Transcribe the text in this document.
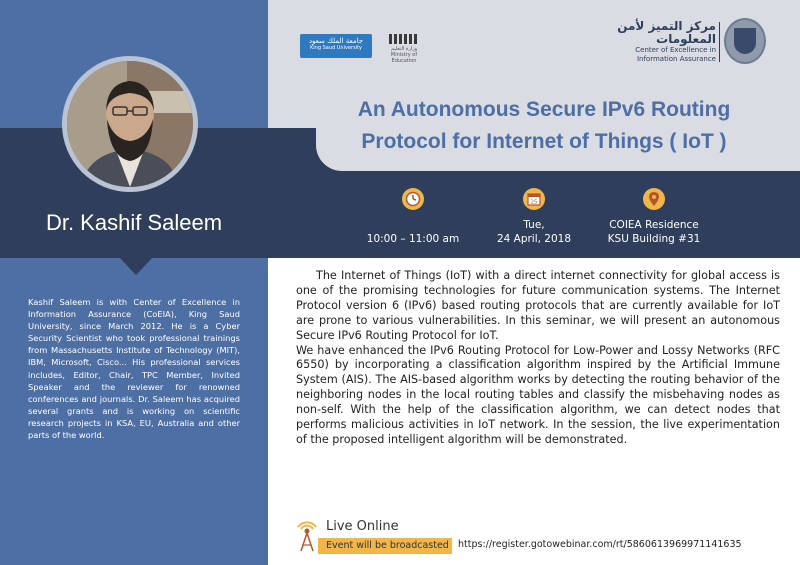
Dr. Kashif Saleem
Kashif Saleem is with Center of Excellence in Information Assurance (CoEIA), King Saud University, since March 2012. He is a Cyber Security Scientist who took professional trainings from Massachusetts Institute of Technology (MIT), IBM, Microsoft, Cisco... His professional services includes, Editor, Chair, TPC Member, Invited Speaker and the reviewer for renowned conferences and journals. Dr. Saleem has acquired several grants and is working on scientific research projects in KSA, EU, Australia and other parts of the world.
جامعة الملك سعود
King Saud University	وزارة التعليم
Ministry of Education
مركز التميز لأمن المعلومات
Center of Excellence in
Information Assurance
An Autonomous Secure IPv6 Routing
Protocol for Internet of Things ( IoT )
25
10:00 – 11:00 am
Tue,
24 April, 2018
COIEA Residence
KSU Building #31

The Internet of Things (IoT) with a direct internet connectivity for global access is one of the promising technologies for future communication systems. The Internet Protocol version 6 (IPv6) based routing protocols that are currently available for IoT are prone to various vulnerabilities. In this seminar, we will present an autonomous Secure IPv6 Routing Protocol for IoT.

We have enhanced the IPv6 Routing Protocol for Low-Power and Lossy Networks (RFC 6550) by incorporating a classification algorithm inspired by the Artificial Immune System (AIS). The AIS-based algorithm works by detecting the routing behavior of the neighboring nodes in the local routing tables and classify the misbehaving nodes as non-self. With the help of the classification algorithm, we can detect nodes that performs malicious activities in IoT network. In the session, the live experimentation of the proposed intelligent algorithm will be demonstrated.

Live Online
Event will be broadcasted https://register.gotowebinar.com/rt/5860613969971141635
